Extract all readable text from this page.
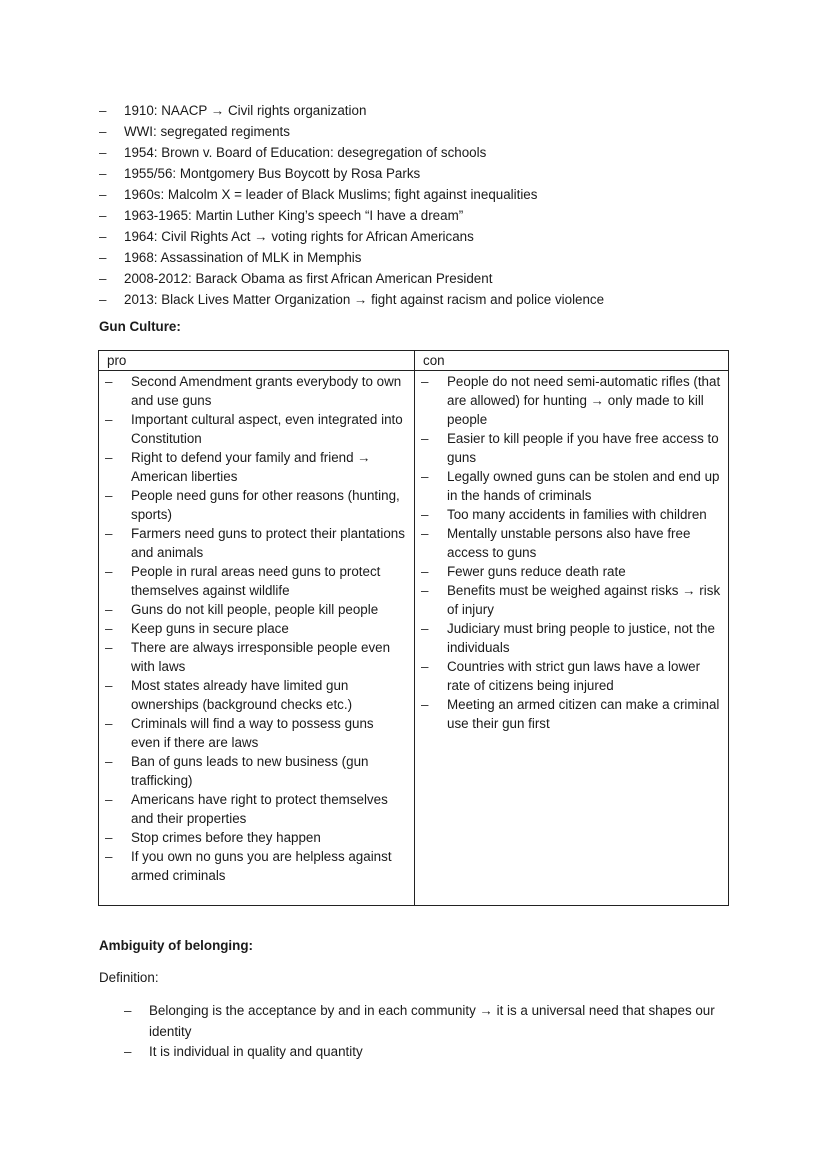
– 1910: NAACP → Civil rights organization
– WWI: segregated regiments
– 1954: Brown v. Board of Education: desegregation of schools
– 1955/56: Montgomery Bus Boycott by Rosa Parks
– 1960s: Malcolm X = leader of Black Muslims; fight against inequalities
– 1963-1965: Martin Luther King’s speech “I have a dream”
– 1964: Civil Rights Act → voting rights for African Americans
– 1968: Assassination of MLK in Memphis
– 2008-2012: Barack Obama as first African American President
– 2013: Black Lives Matter Organization → fight against racism and police violence
Gun Culture:
pro	con
– Second Amendment grants everybody to own and use guns
– Important cultural aspect, even integrated into Constitution
– Right to defend your family and friend → American liberties
– People need guns for other reasons (hunting, sports)
– Farmers need guns to protect their plantations and animals
– People in rural areas need guns to protect themselves against wildlife
– Guns do not kill people, people kill people
– Keep guns in secure place
– There are always irresponsible people even with laws
– Most states already have limited gun ownerships (background checks etc.)
– Criminals will find a way to possess guns even if there are laws
– Ban of guns leads to new business (gun trafficking)
– Americans have right to protect themselves and their properties
– Stop crimes before they happen
– If you own no guns you are helpless against armed criminals
– People do not need semi-automatic rifles (that are allowed) for hunting → only made to kill people
– Easier to kill people if you have free access to guns
– Legally owned guns can be stolen and end up in the hands of criminals
– Too many accidents in families with children
– Mentally unstable persons also have free access to guns
– Fewer guns reduce death rate
– Benefits must be weighed against risks → risk of injury
– Judiciary must bring people to justice, not the individuals
– Countries with strict gun laws have a lower rate of citizens being injured
– Meeting an armed citizen can make a criminal use their gun first
Ambiguity of belonging:
Definition:
– Belonging is the acceptance by and in each community → it is a universal need that shapes our identity
– It is individual in quality and quantity
